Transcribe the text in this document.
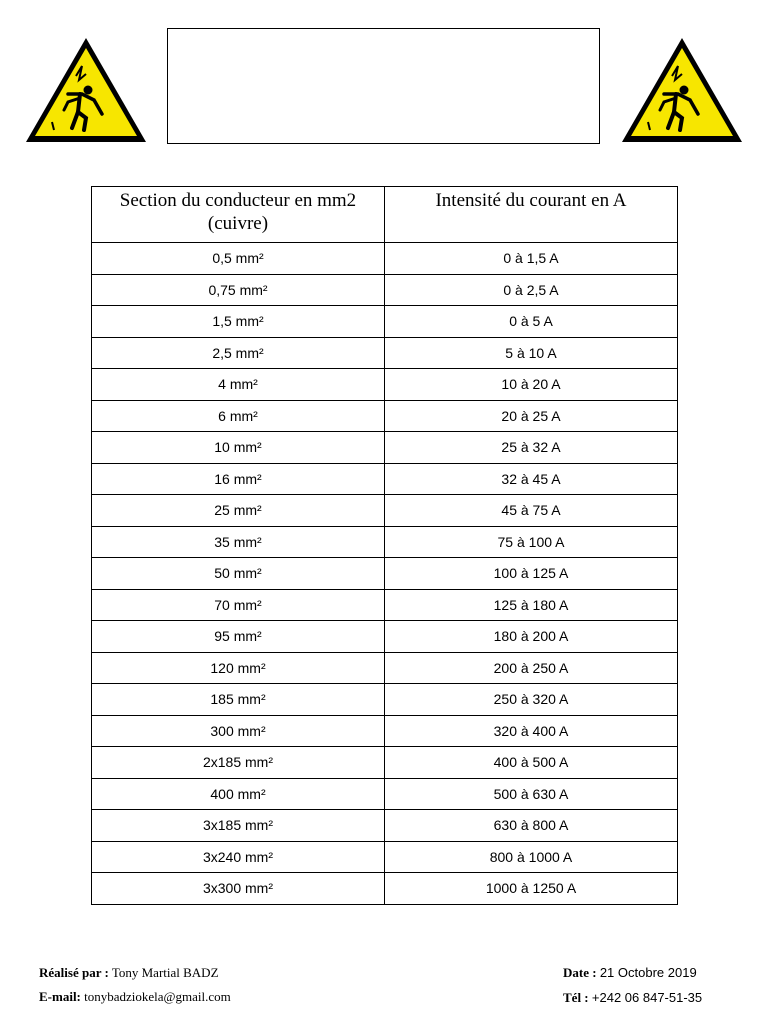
Section du conducteur en mm2 (cuivre)	Intensité du courant en A
0,5 mm²	0 à 1,5 A
0,75 mm²	0 à 2,5 A
1,5 mm²	0 à 5 A
2,5 mm²	5 à 10 A
4 mm²	10 à 20 A
6 mm²	20 à 25 A
10 mm²	25 à 32 A
16 mm²	32 à 45 A
25 mm²	45 à 75 A
35 mm²	75 à 100 A
50 mm²	100 à 125 A
70 mm²	125 à 180 A
95 mm²	180 à 200 A
120 mm²	200 à 250 A
185 mm²	250 à 320 A
300 mm²	320 à 400 A
2x185 mm²	400 à 500 A
400 mm²	500 à 630 A
3x185 mm²	630 à 800 A
3x240 mm²	800 à 1000 A
3x300 mm²	1000 à 1250 A
Réalisé par : Tony Martial BADZ
E-mail: tonybadziokela@gmail.com
Date : 21 Octobre 2019
Tél : +242 06 847-51-35
